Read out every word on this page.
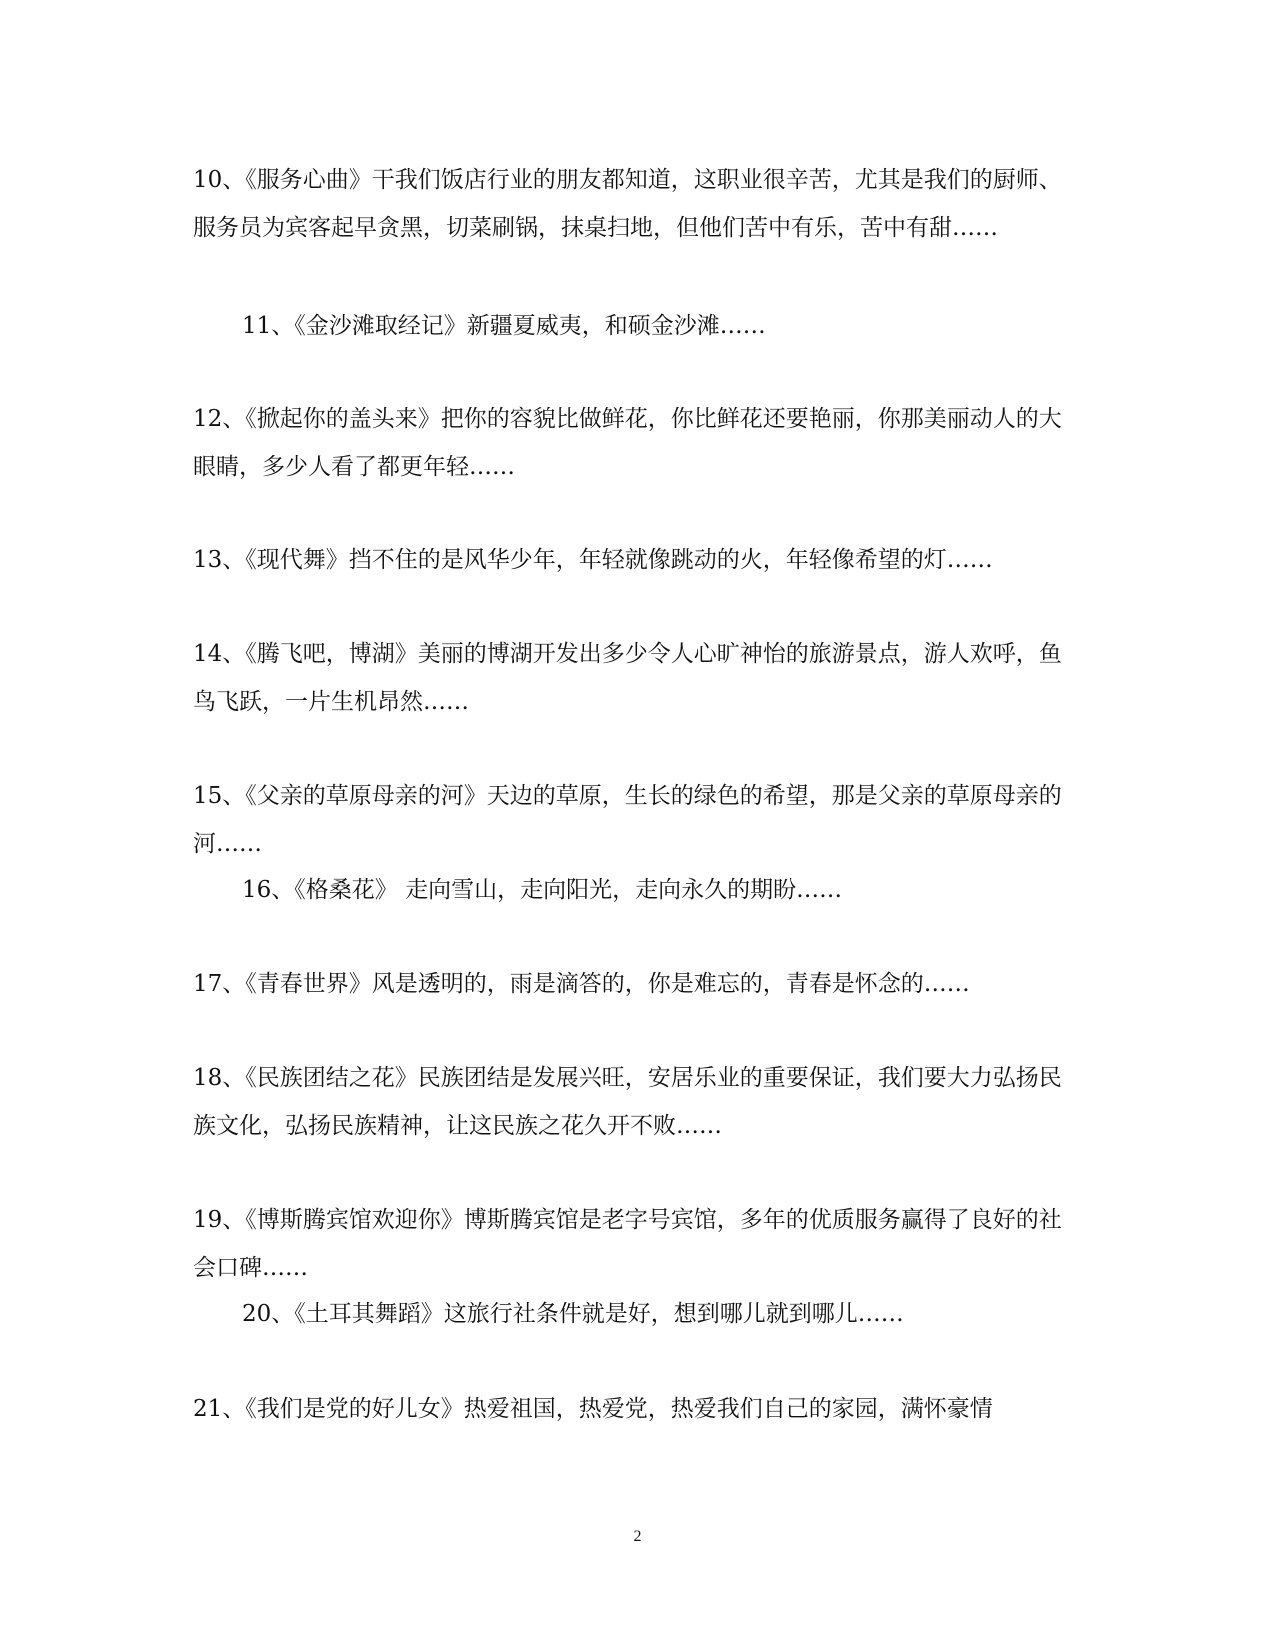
10、《服务心曲》干我们饭店行业的朋友都知道，这职业很辛苦，尤其是我们的厨师、服务员为宾客起早贪黑，切菜刷锅，抹桌扫地，但他们苦中有乐，苦中有甜……

11、《金沙滩取经记》新疆夏威夷，和硕金沙滩……

12、《掀起你的盖头来》把你的容貌比做鲜花，你比鲜花还要艳丽，你那美丽动人的大眼睛，多少人看了都更年轻……

13、《现代舞》挡不住的是风华少年，年轻就像跳动的火，年轻像希望的灯……

14、《腾飞吧，博湖》美丽的博湖开发出多少令人心旷神怡的旅游景点，游人欢呼，鱼鸟飞跃，一片生机昂然……

15、《父亲的草原母亲的河》天边的草原，生长的绿色的希望，那是父亲的草原母亲的河……

16、《格桑花》 走向雪山，走向阳光，走向永久的期盼……

17、《青春世界》风是透明的，雨是滴答的，你是难忘的，青春是怀念的……

18、《民族团结之花》民族团结是发展兴旺，安居乐业的重要保证，我们要大力弘扬民族文化，弘扬民族精神，让这民族之花久开不败……

19、《博斯腾宾馆欢迎你》博斯腾宾馆是老字号宾馆，多年的优质服务赢得了良好的社会口碑……

20、《土耳其舞蹈》这旅行社条件就是好，想到哪儿就到哪儿……

21、《我们是党的好儿女》热爱祖国，热爱党，热爱我们自己的家园，满怀豪情

2
